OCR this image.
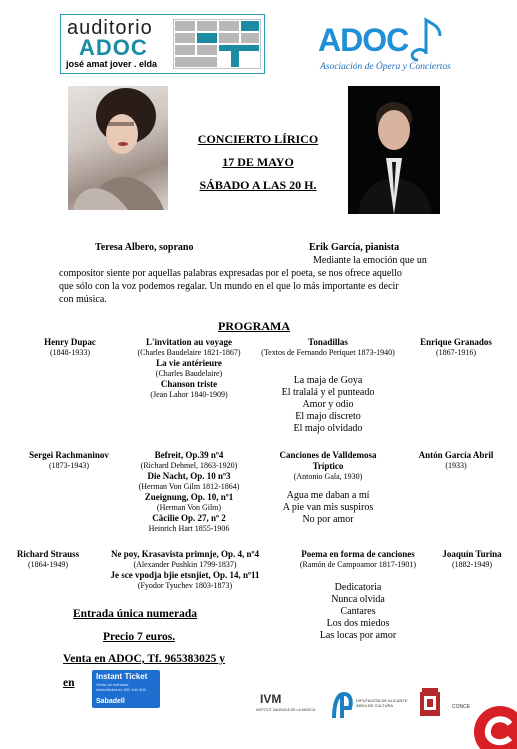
auditorio
ADOC
josé amat jover . elda
ADOC
Asociación de Ópera y Conciertos
CONCIERTO LÍRICO
17 DE MAYO
SÁBADO A LAS 20 H.
Teresa Albero, soprano	Erik García, pianista
Mediante la emoción que un
compositor siente por aquellas palabras expresadas por el poeta, se nos ofrece aquello
que sólo con la voz podemos regalar. Un mundo en el que lo más importante es decir
con música.
PROGRAMA
Henry Dupac
(1848-1933)
L'invitation au voyage
(Charles Baudelaire 1821-1867)
La vie antérieure
(Charles Baudelaire)
Chanson triste
(Jean Lahor 1840-1909)
Tonadillas
(Textos de Fernando Periquet 1873-1940)
Enrique Granados
(1867-1916)
La maja de Goya
El tralalá y el punteado
Amor y odio
El majo discreto
El majo olvidado
Sergei Rachmaninov
(1873-1943)
Befreit, Op.39 nº4
(Richard Dehmel, 1863-1920)
Die Nacht, Op. 10 nº3
(Herman Von Gilm 1812-1864)
Zueignung, Op. 10, nº1
(Herman Von Gilm)
Cäcilie Op. 27, nº 2
Heinrich Hart 1855-1906
Canciones de Valldemosa
Tríptico
(Antonio Gala, 1930)
Antón García Abril
(1933)
Agua me daban a mí
A pie van mis suspiros
No por amor
Richard Strauss
(1864-1949)
Ne poy, Krasavista primnje, Op. 4, nº4
(Alexander Pushkin 1799-1837)
Je sce vpodja bjie etsnjiet, Op. 14, nº11
(Fyodor Tyuchev 1803-1873)
Poema en forma de canciones
(Ramón de Campoamor 1817-1901)
Joaquín Turina
(1882-1949)
Dedicatoria
Nunca olvida
Cantares
Los dos miedos
Las locas por amor
Entrada única numerada
Precio 7 euros.
Venta en ADOC, Tf. 965383025 y
en
Instant Ticket
Venta de entradas instantticket.es 902 444 300
Sabadell	IVM
INSTITUT VALENCIÀ DE LA MÚSICA
DIPUTACIÓN DE ALICANTE ÁREA DE CULTURA	CONCE
